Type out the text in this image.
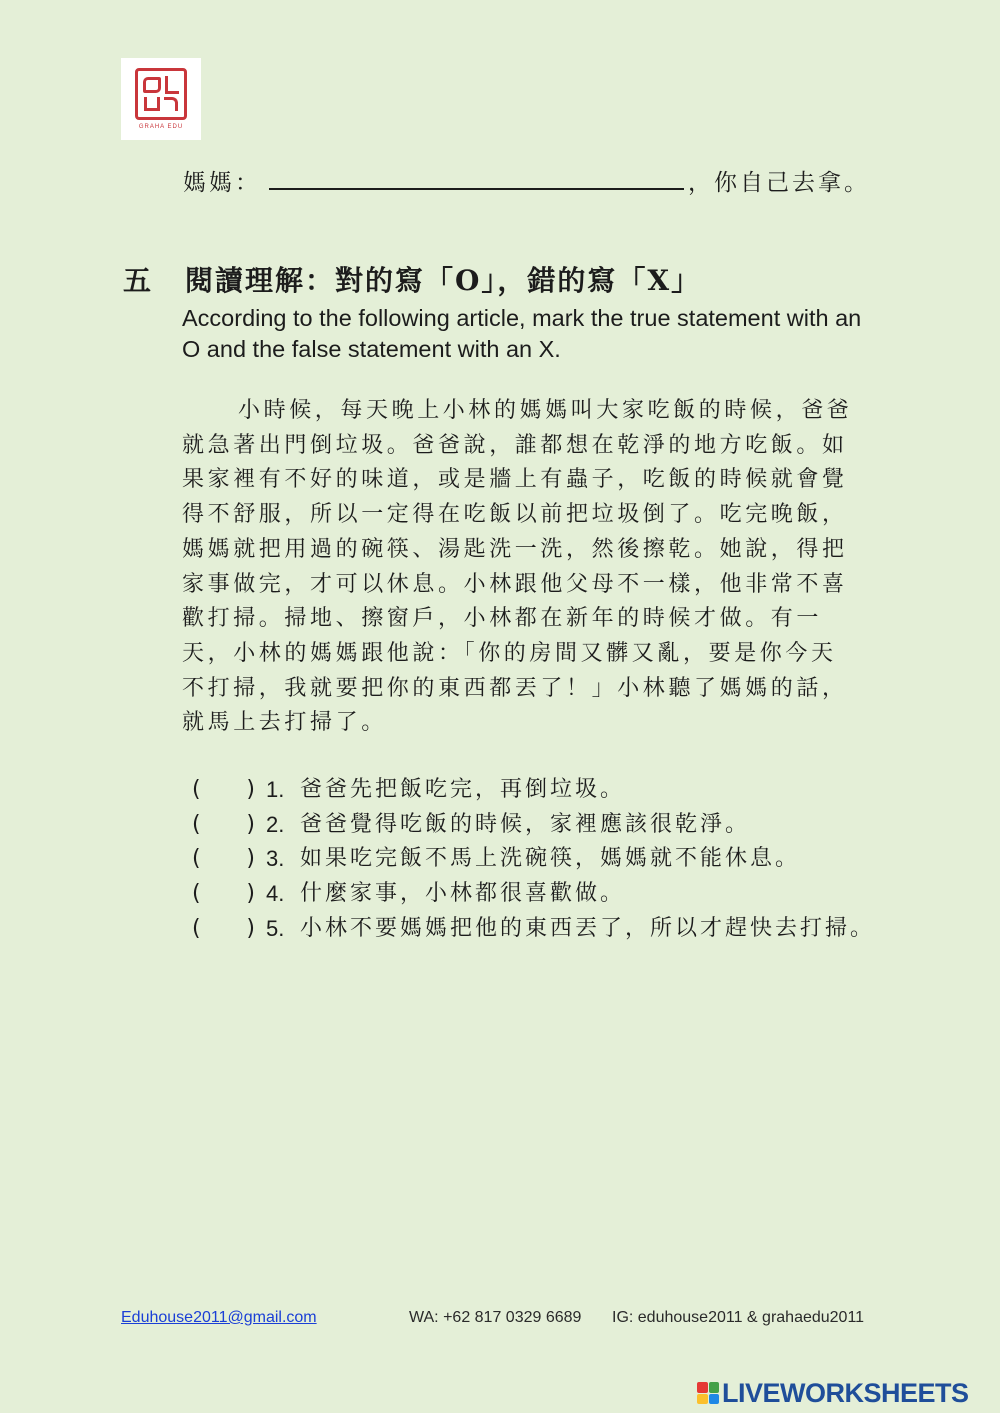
GRAHA EDU
媽媽：	，你自己去拿。
五 閱讀理解：對的寫「O」，錯的寫「X」
According to the following article, mark the true statement with an O and the false statement with an X.

小時候，每天晚上小林的媽媽叫大家吃飯的時候，爸爸就急著出門倒垃圾。爸爸說，誰都想在乾淨的地方吃飯。如果家裡有不好的味道，或是牆上有蟲子，吃飯的時候就會覺得不舒服，所以一定得在吃飯以前把垃圾倒了。吃完晚飯，媽媽就把用過的碗筷、湯匙洗一洗，然後擦乾。她說，得把家事做完，才可以休息。小林跟他父母不一樣，他非常不喜歡打掃。掃地、擦窗戶，小林都在新年的時候才做。有一天，小林的媽媽跟他說：「你的房間又髒又亂，要是你今天不打掃，我就要把你的東西都丟了！」小林聽了媽媽的話，就馬上去打掃了。

( ) 1. 爸爸先把飯吃完，再倒垃圾。
( ) 2. 爸爸覺得吃飯的時候，家裡應該很乾淨。
( ) 3. 如果吃完飯不馬上洗碗筷，媽媽就不能休息。
( ) 4. 什麼家事，小林都很喜歡做。
( ) 5. 小林不要媽媽把他的東西丟了，所以才趕快去打掃。
Eduhouse2011@gmail.com	WA: +62 817 0329 6689 IG: eduhouse2011 & grahaedu2011
LIVEWORKSHEETS
